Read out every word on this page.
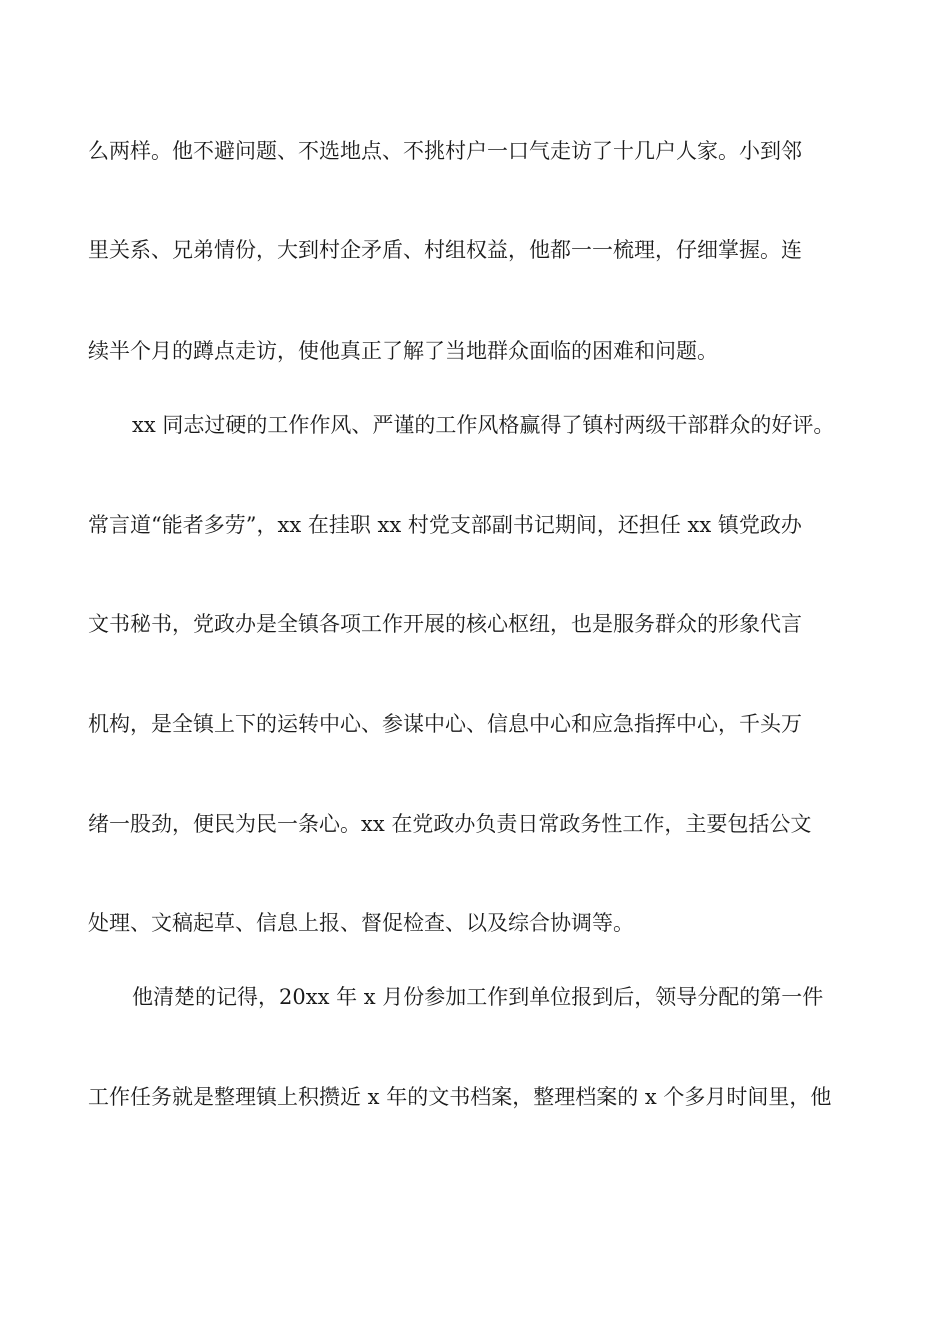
么两样。他不避问题、不选地点、不挑村户一口气走访了十几户人家。小到邻
里关系、兄弟情份，大到村企矛盾、村组权益，他都一一梳理，仔细掌握。连
续半个月的蹲点走访，使他真正了解了当地群众面临的困难和问题。
xx 同志过硬的工作作风、严谨的工作风格赢得了镇村两级干部群众的好评。
常言道“能者多劳”，xx 在挂职 xx 村党支部副书记期间，还担任 xx 镇党政办
文书秘书，党政办是全镇各项工作开展的核心枢纽，也是服务群众的形象代言
机构，是全镇上下的运转中心、参谋中心、信息中心和应急指挥中心，千头万
绪一股劲，便民为民一条心。xx 在党政办负责日常政务性工作，主要包括公文
处理、文稿起草、信息上报、督促检查、以及综合协调等。
他清楚的记得，20xx 年 x 月份参加工作到单位报到后，领导分配的第一件
工作任务就是整理镇上积攒近 x 年的文书档案，整理档案的 x 个多月时间里，他
